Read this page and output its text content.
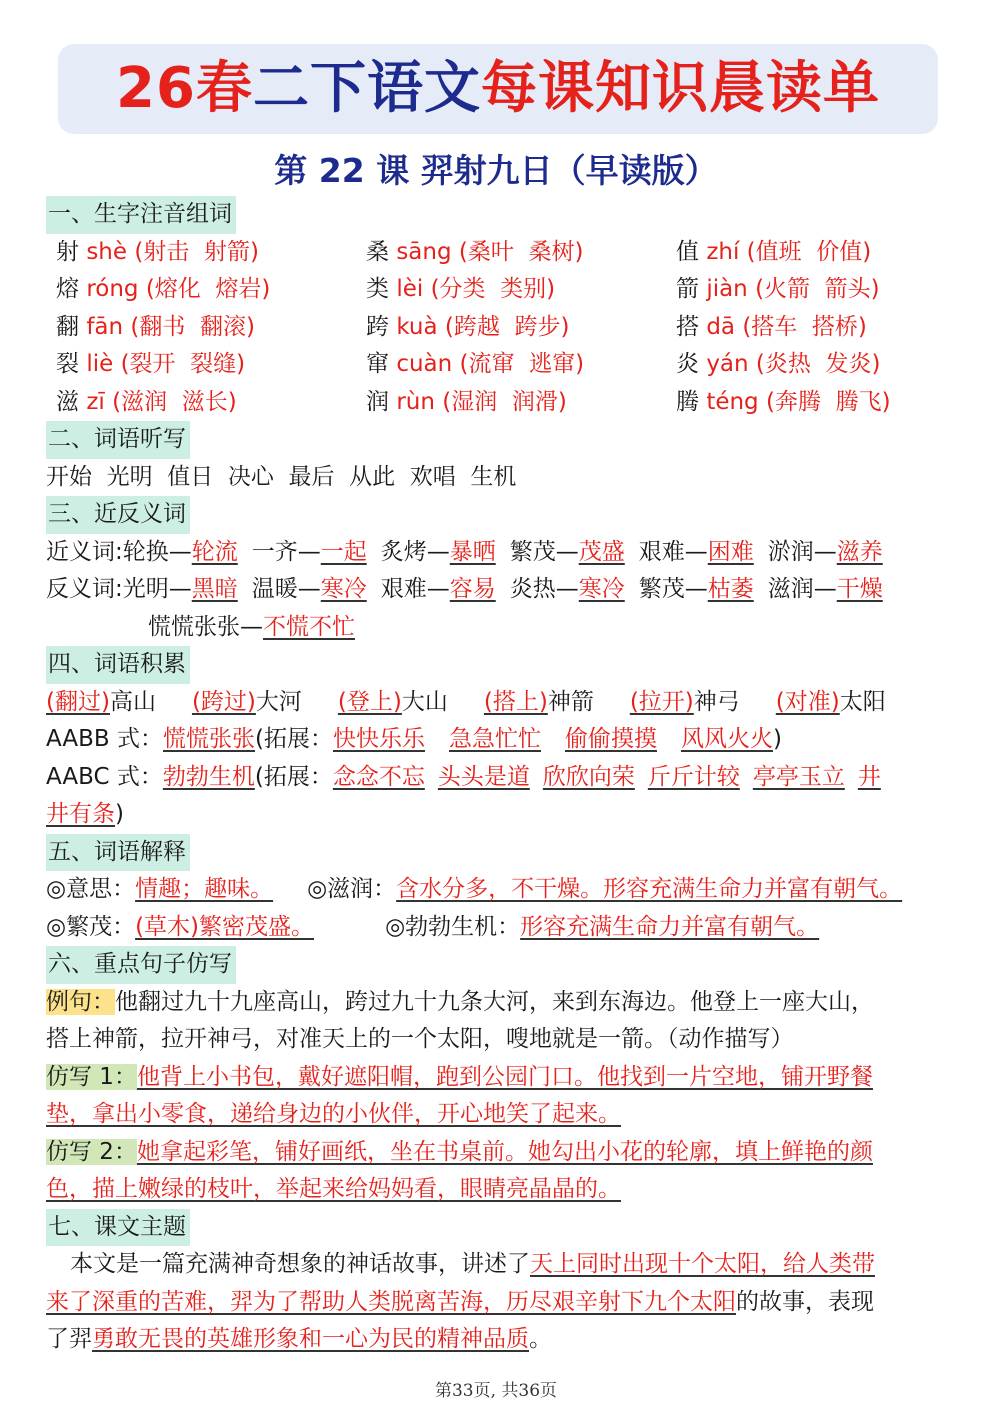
26春二下语文每课知识晨读单
第 22 课 羿射九日（早读版）
一、生字注音组词
射 shè (射击  射箭)	桑 sāng (桑叶  桑树)	值 zhí (值班  价值)
熔 róng (熔化  熔岩)	类 lèi (分类  类别)	箭 jiàn (火箭  箭头)
翻 fān (翻书  翻滚)	跨 kuà (跨越  跨步)	搭 dā (搭车  搭桥)
裂 liè (裂开  裂缝)	窜 cuàn (流窜  逃窜)	炎 yán (炎热  发炎)
滋 zī (滋润  滋长)	润 rùn (湿润  润滑)	腾 téng (奔腾  腾飞)
二、词语听写
开始  光明  值日  决心  最后  从此  欢唱  生机
三、近反义词
近义词:轮换—轮流 一齐—一起 炙烤—暴晒 繁茂—茂盛 艰难—困难 淤润—滋养
反义词:光明—黑暗 温暖—寒冷 艰难—容易 炎热—寒冷 繁茂—枯萎 滋润—干燥
慌慌张张—不慌不忙
四、词语积累
(翻过)高山 (跨过)大河 (登上)大山 (搭上)神箭 (拉开)神弓 (对准)太阳
AABB 式：慌慌张张(拓展：快快乐乐 急急忙忙 偷偷摸摸 风风火火)
AABC 式：勃勃生机(拓展：念念不忘 头头是道 欣欣向荣 斤斤计较 亭亭玉立 井
井有条)
五、词语解释
◎意思：情趣；趣味。 ◎滋润：含水分多，不干燥。形容充满生命力并富有朝气。
◎繁茂：(草木)繁密茂盛。	◎勃勃生机：形容充满生命力并富有朝气。
六、重点句子仿写
例句：他翻过九十九座高山，跨过九十九条大河，来到东海边。他登上一座大山，
搭上神箭，拉开神弓，对准天上的一个太阳，嗖地就是一箭。（动作描写）
仿写 1：他背上小书包，戴好遮阳帽，跑到公园门口。他找到一片空地，铺开野餐
垫，拿出小零食，递给身边的小伙伴，开心地笑了起来。
仿写 2：她拿起彩笔，铺好画纸，坐在书桌前。她勾出小花的轮廓，填上鲜艳的颜
色，描上嫩绿的枝叶，举起来给妈妈看，眼睛亮晶晶的。
七、课文主题
本文是一篇充满神奇想象的神话故事，讲述了天上同时出现十个太阳，给人类带
来了深重的苦难，羿为了帮助人类脱离苦海，历尽艰辛射下九个太阳的故事，表现
了羿勇敢无畏的英雄形象和一心为民的精神品质。
第33页, 共36页
